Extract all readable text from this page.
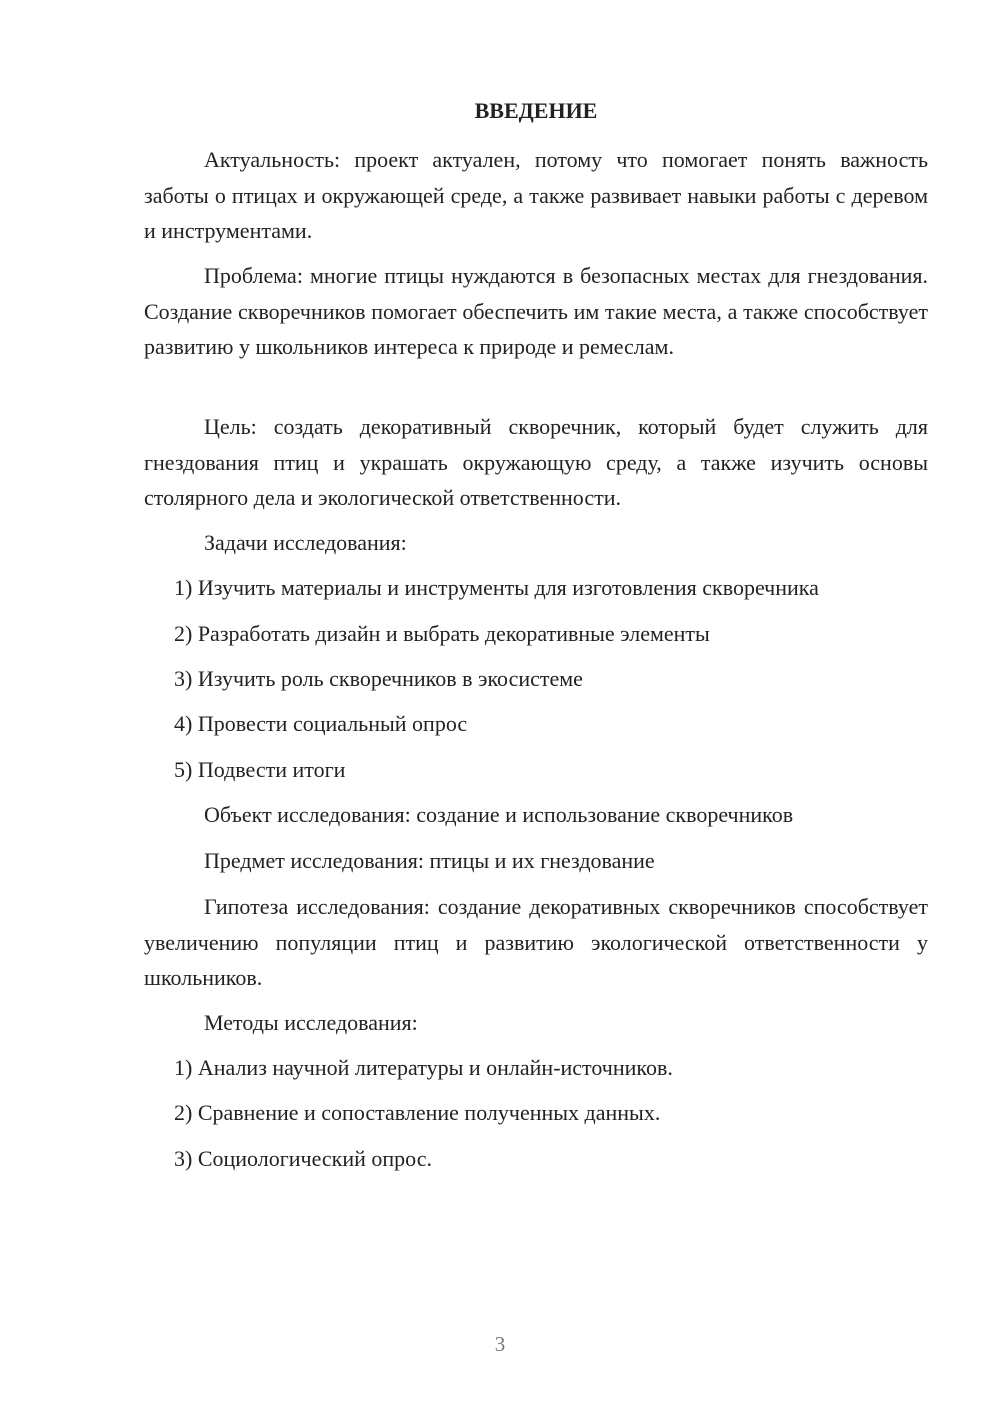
ВВЕДЕНИЕ

Актуальность: проект актуален, потому что помогает понять важность заботы о птицах и окружающей среде, а также развивает навыки работы с деревом и инструментами.

Проблема: многие птицы нуждаются в безопасных местах для гнездования. Создание скворечников помогает обеспечить им такие места, а также способствует развитию у школьников интереса к природе и ремеслам.

Цель: создать декоративный скворечник, который будет служить для гнездования птиц и украшать окружающую среду, а также изучить основы столярного дела и экологической ответственности.

Задачи исследования:

1) Изучить материалы и инструменты для изготовления скворечника

2) Разработать дизайн и выбрать декоративные элементы

3) Изучить роль скворечников в экосистеме

4) Провести социальный опрос

5) Подвести итоги

Объект исследования: создание и использование скворечников

Предмет исследования: птицы и их гнездование

Гипотеза исследования: создание декоративных скворечников способствует увеличению популяции птиц и развитию экологической ответственности у школьников.

Методы исследования:

1) Анализ научной литературы и онлайн-источников.

2) Сравнение и сопоставление полученных данных.

3) Социологический опрос.

3
